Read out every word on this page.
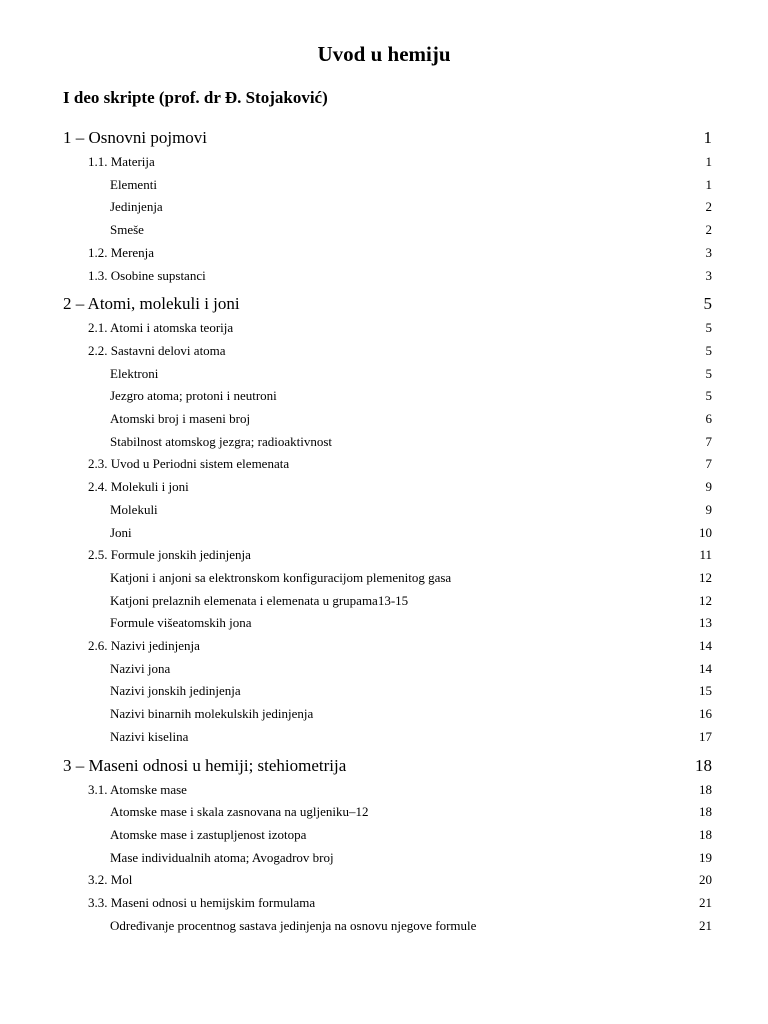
Uvod u hemiju
I deo skripte (prof. dr Đ. Stojaković)
1 – Osnovni pojmovi	1
1.1. Materija	1
Elementi	1
Jedinjenja	2
Smeše	2
1.2. Merenja	3
1.3. Osobine supstanci	3
2 – Atomi, molekuli i joni	5
2.1. Atomi i atomska teorija	5
2.2. Sastavni delovi atoma	5
Elektroni	5
Jezgro atoma; protoni i neutroni	5
Atomski broj i maseni broj	6
Stabilnost atomskog jezgra; radioaktivnost	7
2.3. Uvod u Periodni sistem elemenata	7
2.4. Molekuli i joni	9
Molekuli	9
Joni	10
2.5. Formule jonskih jedinjenja	11
Katjoni i anjoni sa elektronskom konfiguracijom plemenitog gasa	12
Katjoni prelaznih elemenata i elemenata u grupama13-15	12
Formule višeatomskih jona	13
2.6. Nazivi jedinjenja	14
Nazivi jona	14
Nazivi jonskih jedinjenja	15
Nazivi binarnih molekulskih jedinjenja	16
Nazivi kiselina	17
3 – Maseni odnosi u hemiji; stehiometrija	18
3.1. Atomske mase	18
Atomske mase i skala zasnovana na ugljeniku–12	18
Atomske mase i zastupljenost izotopa	18
Mase individualnih atoma; Avogadrov broj	19
3.2. Mol	20
3.3. Maseni odnosi u hemijskim formulama	21
Određivanje procentnog sastava jedinjenja na osnovu njegove formule	21
